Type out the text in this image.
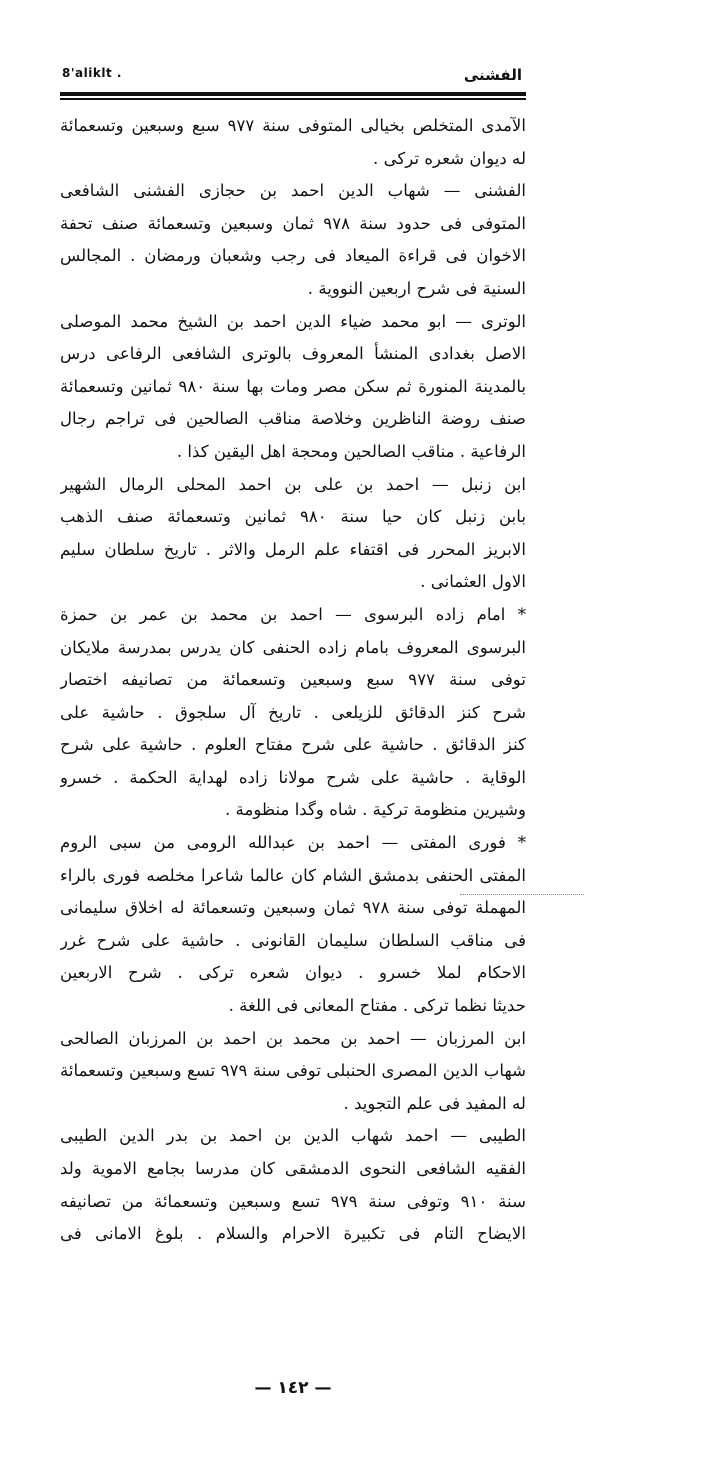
الفشنى
8'aliklt .
الآمدى المتخلص بخيالى المتوفى سنة ٩٧٧ سبع وسبعين وتسعمائة
له ديوان شعره تركى .
الفشنى — شهاب الدين احمد بن حجازى الفشنى الشافعى
المتوفى فى حدود سنة ٩٧٨ ثمان وسبعين وتسعمائة صنف تحفة
الاخوان فى قراءة الميعاد فى رجب وشعبان ورمضان . المجالس
السنية فى شرح اربعين النووية .
الوترى — ابو محمد ضياء الدين احمد بن الشيخ محمد الموصلى
الاصل بغدادى المنشأ المعروف بالوترى الشافعى الرفاعى درس
بالمدينة المنورة ثم سكن مصر ومات بها سنة ٩٨٠ ثمانين وتسعمائة
صنف روضة الناظرين وخلاصة مناقب الصالحين فى تراجم رجال
الرفاعية . مناقب الصالحين ومحجة اهل اليقين كذا .
ابن زنبل — احمد بن على بن احمد المحلى الرمال الشهير
بابن زنبل كان حيا سنة ٩٨٠ ثمانين وتسعمائة صنف الذهب
الابريز المحرر فى اقتفاء علم الرمل والاثر . تاريخ سلطان سليم
الاول العثمانى .
* امام زاده البرسوى — احمد بن محمد بن عمر بن حمزة
البرسوى المعروف بامام زاده الحنفى كان يدرس بمدرسة ملايكان
توفى سنة ٩٧٧ سبع وسبعين وتسعمائة من تصانيفه اختصار
شرح كنز الدقائق للزيلعى . تاريخ آل سلجوق . حاشية على
كنز الدقائق . حاشية على شرح مفتاح العلوم . حاشية على شرح
الوقاية . حاشية على شرح مولانا زاده لهداية الحكمة . خسرو
وشيرين منظومة تركية . شاه وگدا منظومة .
* فورى المفتى — احمد بن عبدالله الرومى من سبى الروم
المفتى الحنفى بدمشق الشام كان عالما شاعرا مخلصه فورى بالراء
المهملة توفى سنة ٩٧٨ ثمان وسبعين وتسعمائة له اخلاق سليمانى
فى مناقب السلطان سليمان القانونى . حاشية على شرح غرر
الاحكام لملا خسرو . ديوان شعره تركى . شرح الاربعين
حديثا نظما تركى . مفتاح المعانى فى اللغة .
ابن المرزبان — احمد بن محمد بن احمد بن المرزبان الصالحى
شهاب الدين المصرى الحنبلى توفى سنة ٩٧٩ تسع وسبعين وتسعمائة
له المفيد فى علم التجويد .
الطيبى — احمد شهاب الدين بن احمد بن بدر الدين الطيبى
الفقيه الشافعى النحوى الدمشقى كان مدرسا بجامع الاموية ولد
سنة ٩١٠ وتوفى سنة ٩٧٩ تسع وسبعين وتسعمائة من تصانيفه
الايضاح التام فى تكبيرة الاحرام والسلام . بلوغ الامانى فى
— ١٤٢ —
